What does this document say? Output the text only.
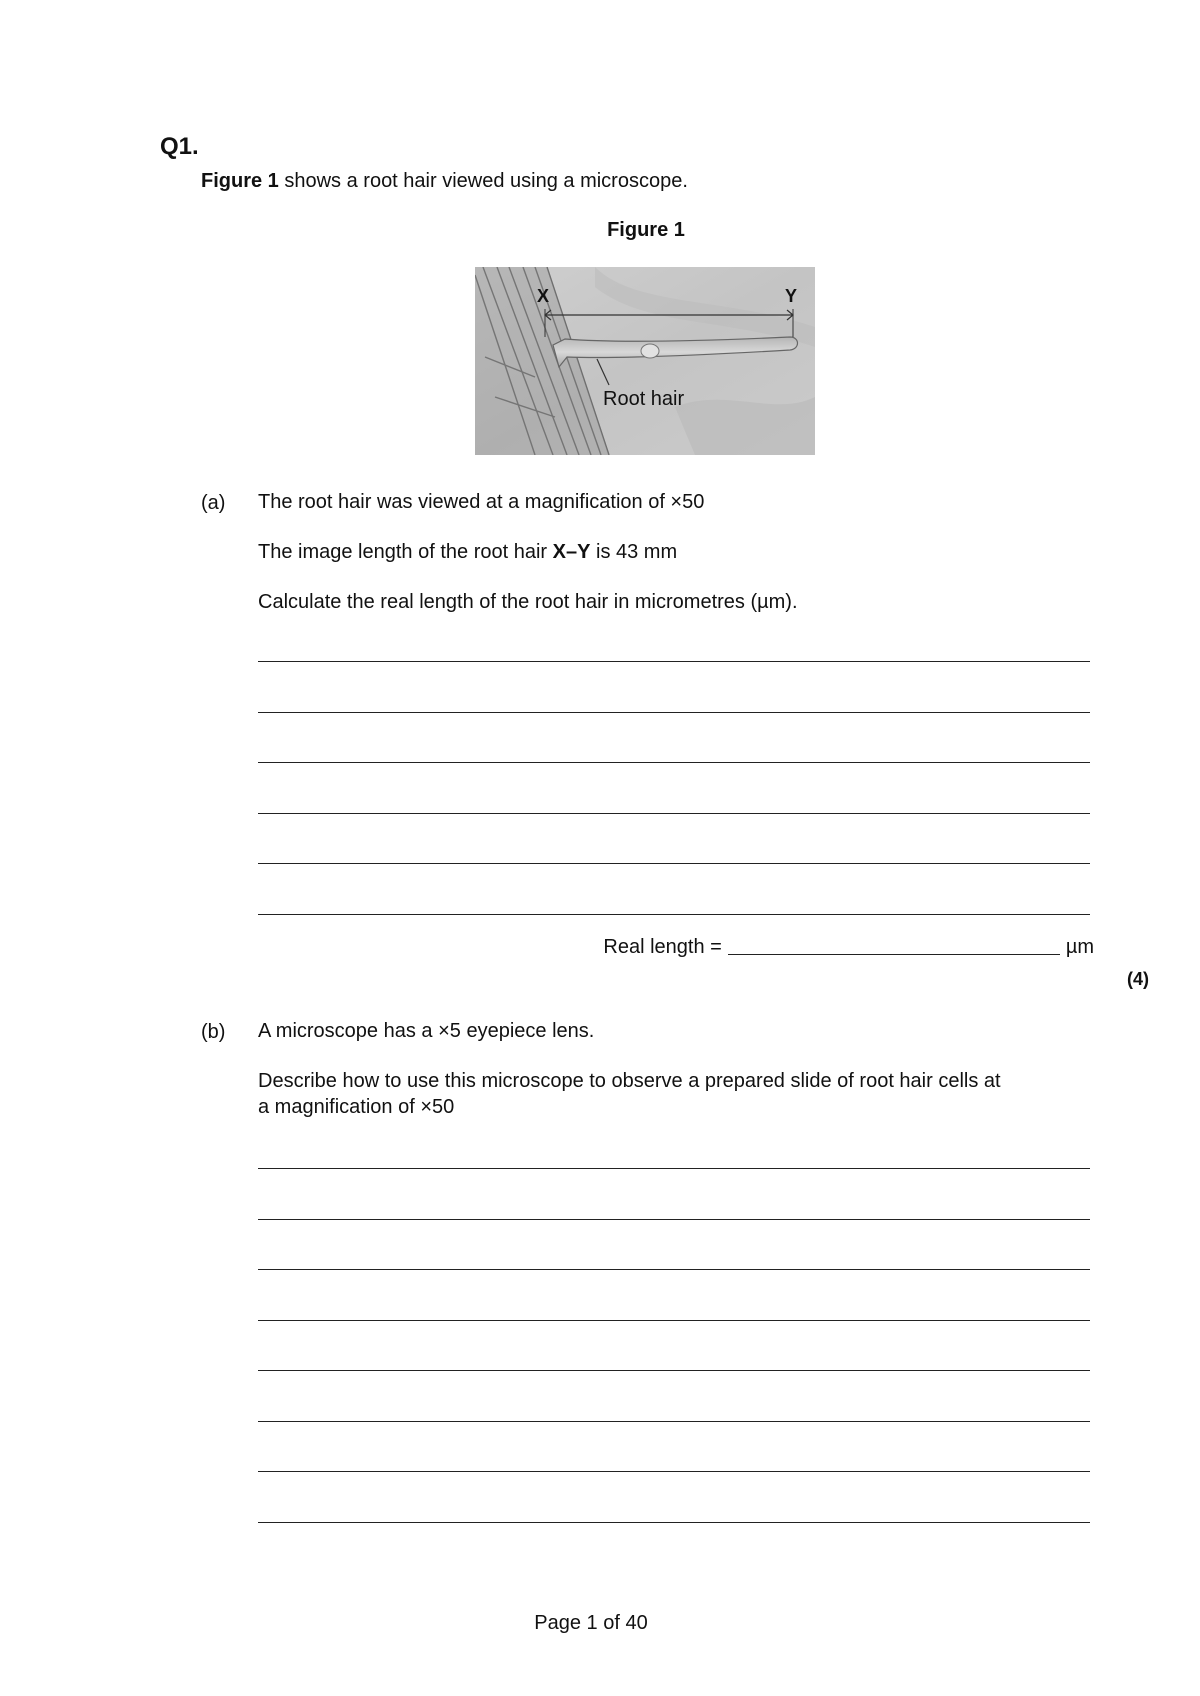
Q1.
Figure 1 shows a root hair viewed using a microscope.
Figure 1
X	Y
Root hair
(a) The root hair was viewed at a magnification of ×50
The image length of the root hair X–Y is 43 mm
Calculate the real length of the root hair in micrometres (µm).
Real length =	µm
(4)
(b) A microscope has a ×5 eyepiece lens.
Describe how to use this microscope to observe a prepared slide of root hair cells at
a magnification of ×50
Page 1 of 40
